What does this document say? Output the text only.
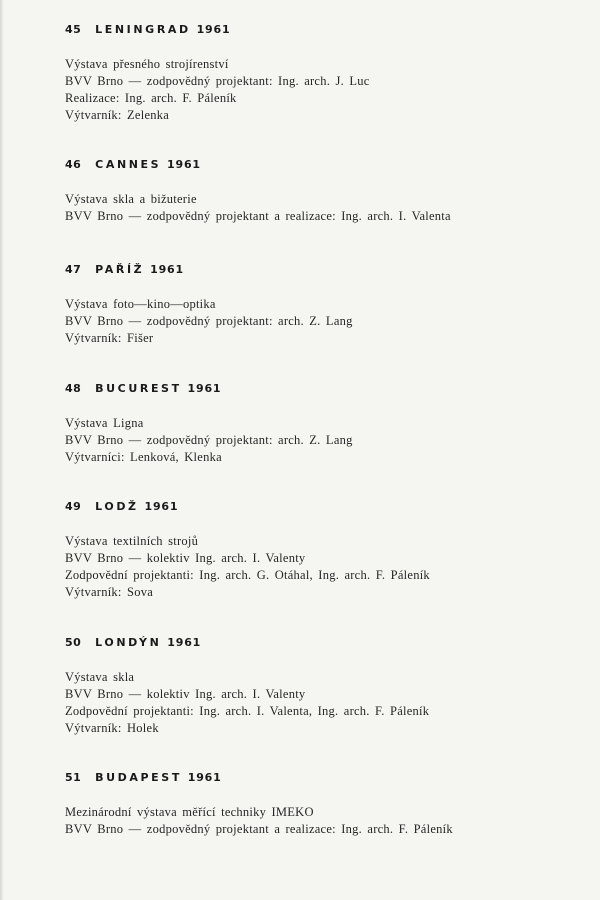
45 LENINGRAD 1961
Výstava přesného strojírenství
BVV Brno — zodpovědný projektant: Ing. arch. J. Luc
Realizace: Ing. arch. F. Páleník
Výtvarník: Zelenka
46 CANNES 1961
Výstava skla a bižuterie
BVV Brno — zodpovědný projektant a realizace: Ing. arch. I. Valenta
47 PAŘÍŽ 1961
Výstava foto—kino—optika
BVV Brno — zodpovědný projektant: arch. Z. Lang
Výtvarník: Fišer
48 BUCUREST 1961
Výstava Ligna
BVV Brno — zodpovědný projektant: arch. Z. Lang
Výtvarníci: Lenková, Klenka
49 LODŽ 1961
Výstava textilních strojů
BVV Brno — kolektiv Ing. arch. I. Valenty
Zodpovědní projektanti: Ing. arch. G. Otáhal, Ing. arch. F. Páleník
Výtvarník: Sova
50 LONDÝN 1961
Výstava skla
BVV Brno — kolektiv Ing. arch. I. Valenty
Zodpovědní projektanti: Ing. arch. I. Valenta, Ing. arch. F. Páleník
Výtvarník: Holek
51 BUDAPEST 1961
Mezinárodní výstava měřící techniky IMEKO
BVV Brno — zodpovědný projektant a realizace: Ing. arch. F. Páleník
